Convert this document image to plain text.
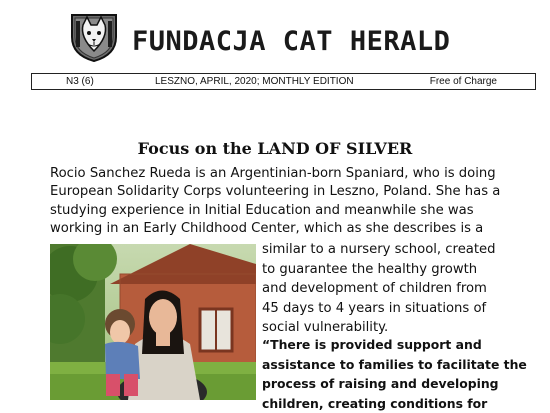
FUNDACJA CAT HERALD
N3 (6)	LESZNO, APRIL, 2020; MONTHLY EDITION	Free of Charge
Focus on the LAND OF SILVER
Rocio Sanchez Rueda is an Argentinian-born Spaniard, who is doing
European Solidarity Corps volunteering in Leszno, Poland. She has a
studying experience in Initial Education and meanwhile she was
working in an Early Childhood Center, which as she describes is a
similar to a nursery school, created
to guarantee the healthy growth
and development of children from
45 days to 4 years in situations of
social vulnerability.
“There is provided support and
assistance to families to facilitate the
process of raising and developing
children, creating conditions for
